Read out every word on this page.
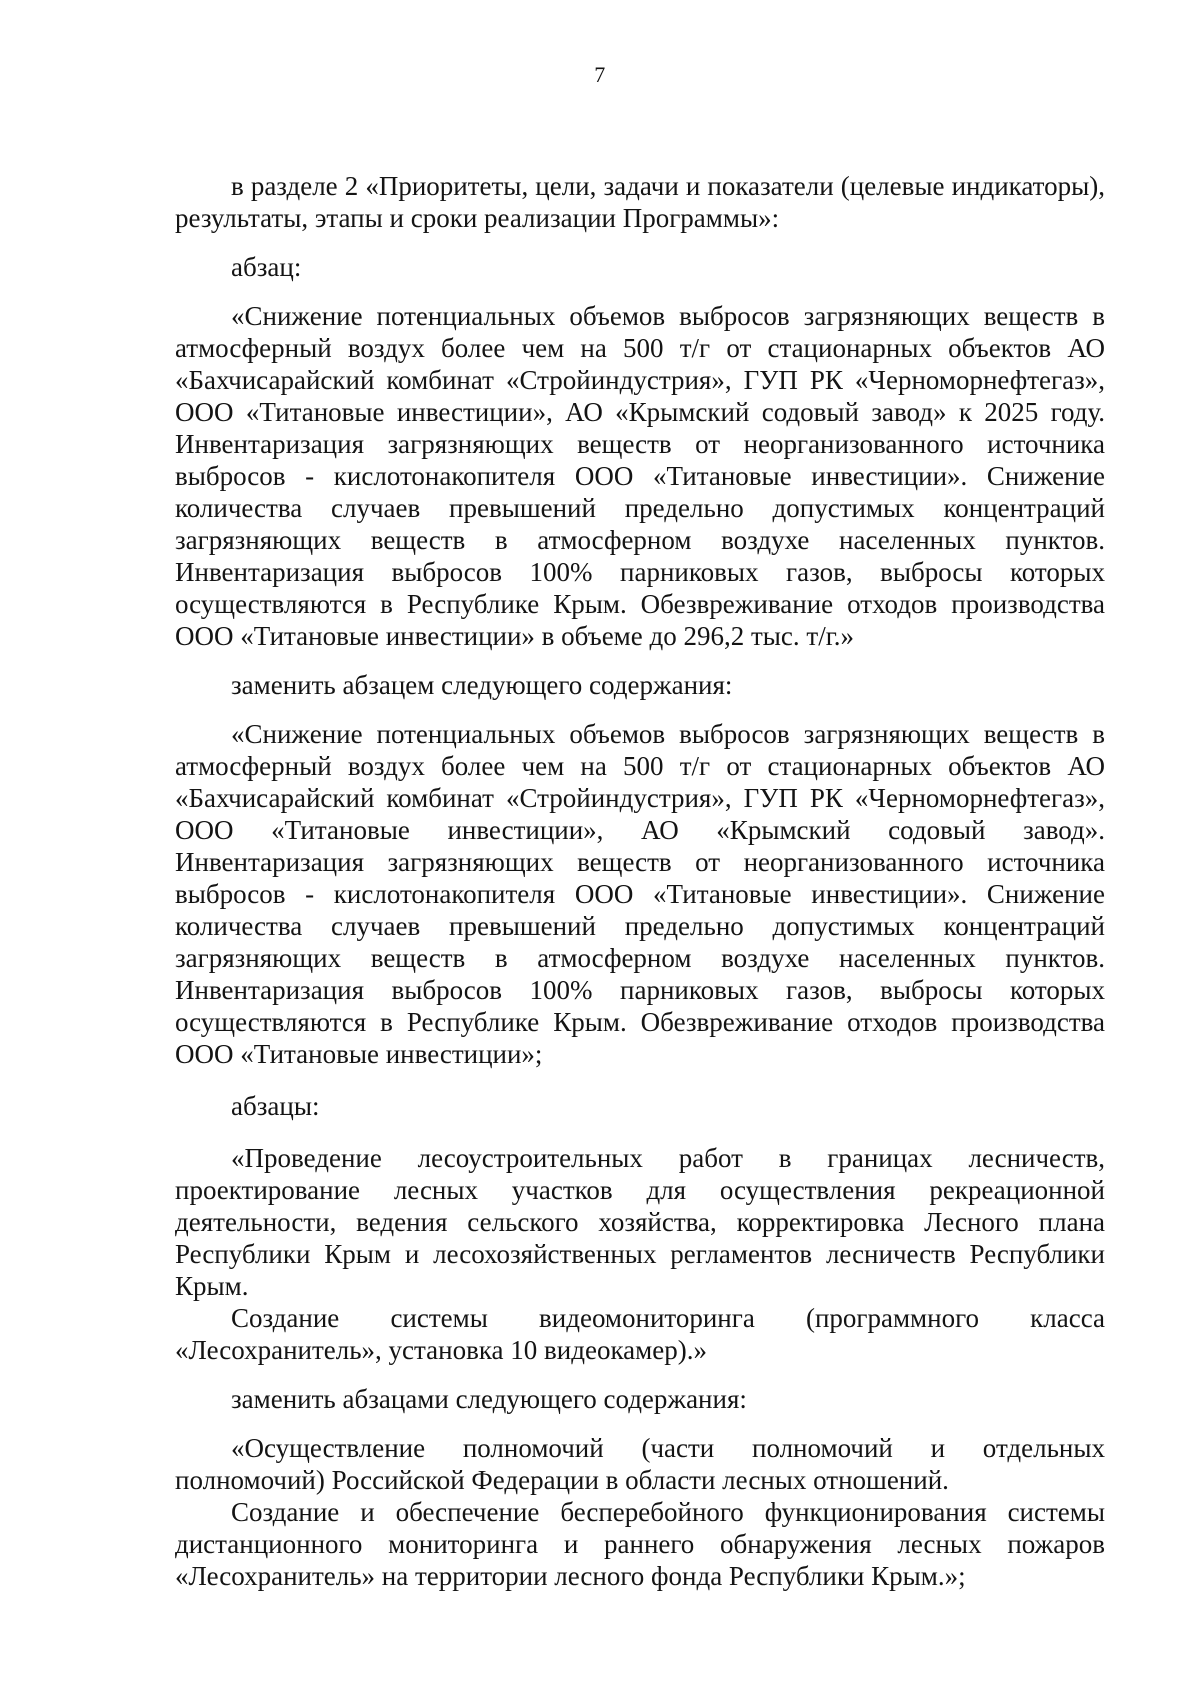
7

в разделе 2 «Приоритеты, цели, задачи и показатели (целевые индикаторы), результаты, этапы и сроки реализации Программы»:

абзац:

«Снижение потенциальных объемов выбросов загрязняющих веществ в атмосферный воздух более чем на 500 т/г от стационарных объектов АО «Бахчисарайский комбинат «Стройиндустрия», ГУП РК «Черноморнефтегаз», ООО «Титановые инвестиции», АО «Крымский содовый завод» к 2025 году. Инвентаризация загрязняющих веществ от неорганизованного источника выбросов - кислотонакопителя ООО «Титановые инвестиции». Снижение количества случаев превышений предельно допустимых концентраций загрязняющих веществ в атмосферном воздухе населенных пунктов. Инвентаризация выбросов 100% парниковых газов, выбросы которых осуществляются в Республике Крым. Обезвреживание отходов производства ООО «Титановые инвестиции» в объеме до 296,2 тыс. т/г.»

заменить абзацем следующего содержания:

«Снижение потенциальных объемов выбросов загрязняющих веществ в атмосферный воздух более чем на 500 т/г от стационарных объектов АО «Бахчисарайский комбинат «Стройиндустрия», ГУП РК «Черноморнефтегаз», ООО «Титановые инвестиции», АО «Крымский содовый завод». Инвентаризация загрязняющих веществ от неорганизованного источника выбросов - кислотонакопителя ООО «Титановые инвестиции». Снижение количества случаев превышений предельно допустимых концентраций загрязняющих веществ в атмосферном воздухе населенных пунктов. Инвентаризация выбросов 100% парниковых газов, выбросы которых осуществляются в Республике Крым. Обезвреживание отходов производства ООО «Титановые инвестиции»;

абзацы:

«Проведение лесоустроительных работ в границах лесничеств, проектирование лесных участков для осуществления рекреационной деятельности, ведения сельского хозяйства, корректировка Лесного плана Республики Крым и лесохозяйственных регламентов лесничеств Республики Крым.

Создание системы видеомониторинга (программного класса «Лесохранитель», установка 10 видеокамер).»

заменить абзацами следующего содержания:

«Осуществление полномочий (части полномочий и отдельных полномочий) Российской Федерации в области лесных отношений.

Создание и обеспечение бесперебойного функционирования системы дистанционного мониторинга и раннего обнаружения лесных пожаров «Лесохранитель» на территории лесного фонда Республики Крым.»;
